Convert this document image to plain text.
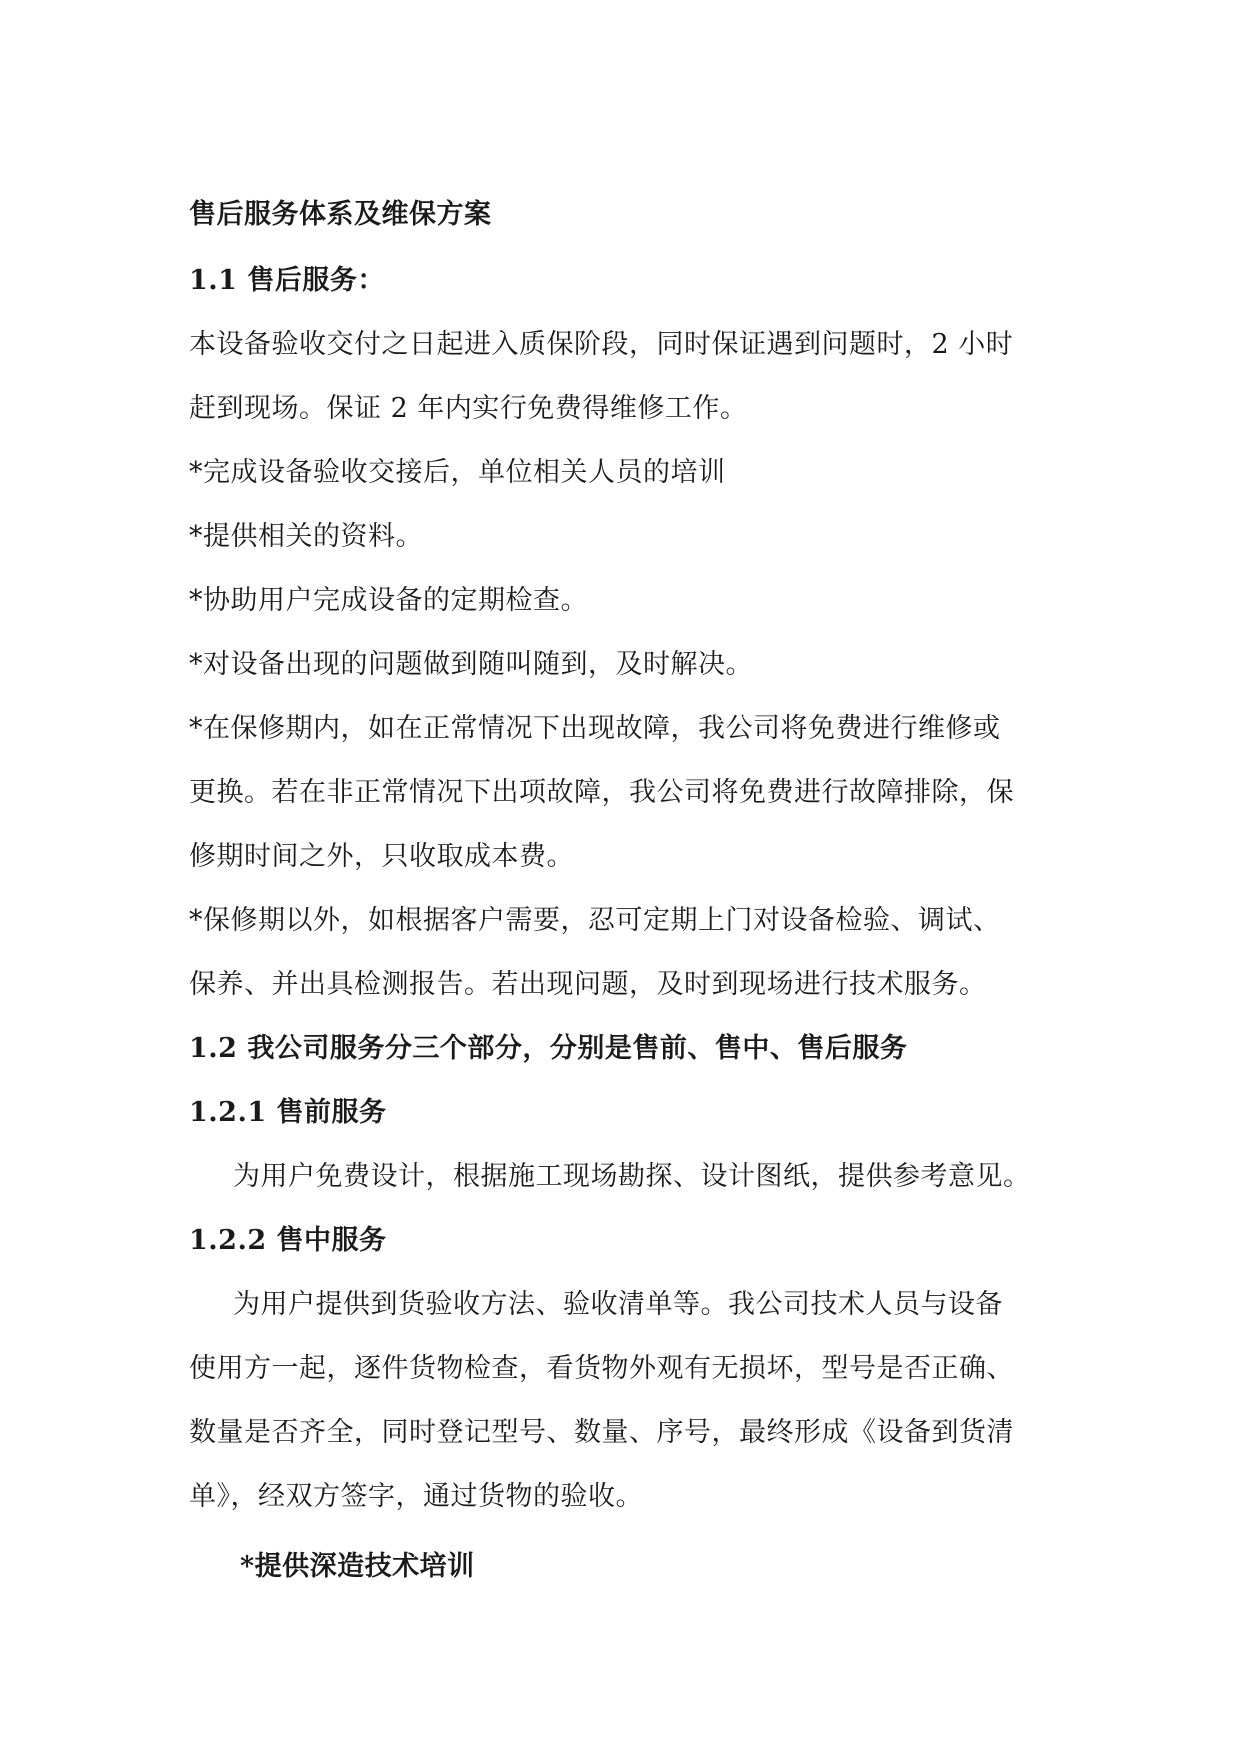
售后服务体系及维保方案
1.1 售后服务：
本设备验收交付之日起进入质保阶段，同时保证遇到问题时，2 小时
赶到现场。保证 2 年内实行免费得维修工作。
*完成设备验收交接后，单位相关人员的培训
*提供相关的资料。
*协助用户完成设备的定期检查。
*对设备出现的问题做到随叫随到，及时解决。
*在保修期内，如在正常情况下出现故障，我公司将免费进行维修或
更换。若在非正常情况下出项故障，我公司将免费进行故障排除，保
修期时间之外，只收取成本费。
*保修期以外，如根据客户需要，忍可定期上门对设备检验、调试、
保养、并出具检测报告。若出现问题，及时到现场进行技术服务。
1.2 我公司服务分三个部分，分别是售前、售中、售后服务
1.2.1 售前服务
为用户免费设计，根据施工现场勘探、设计图纸，提供参考意见。
1.2.2 售中服务
为用户提供到货验收方法、验收清单等。我公司技术人员与设备
使用方一起，逐件货物检查，看货物外观有无损坏，型号是否正确、
数量是否齐全，同时登记型号、数量、序号，最终形成《设备到货清
单》，经双方签字，通过货物的验收。
*提供深造技术培训
